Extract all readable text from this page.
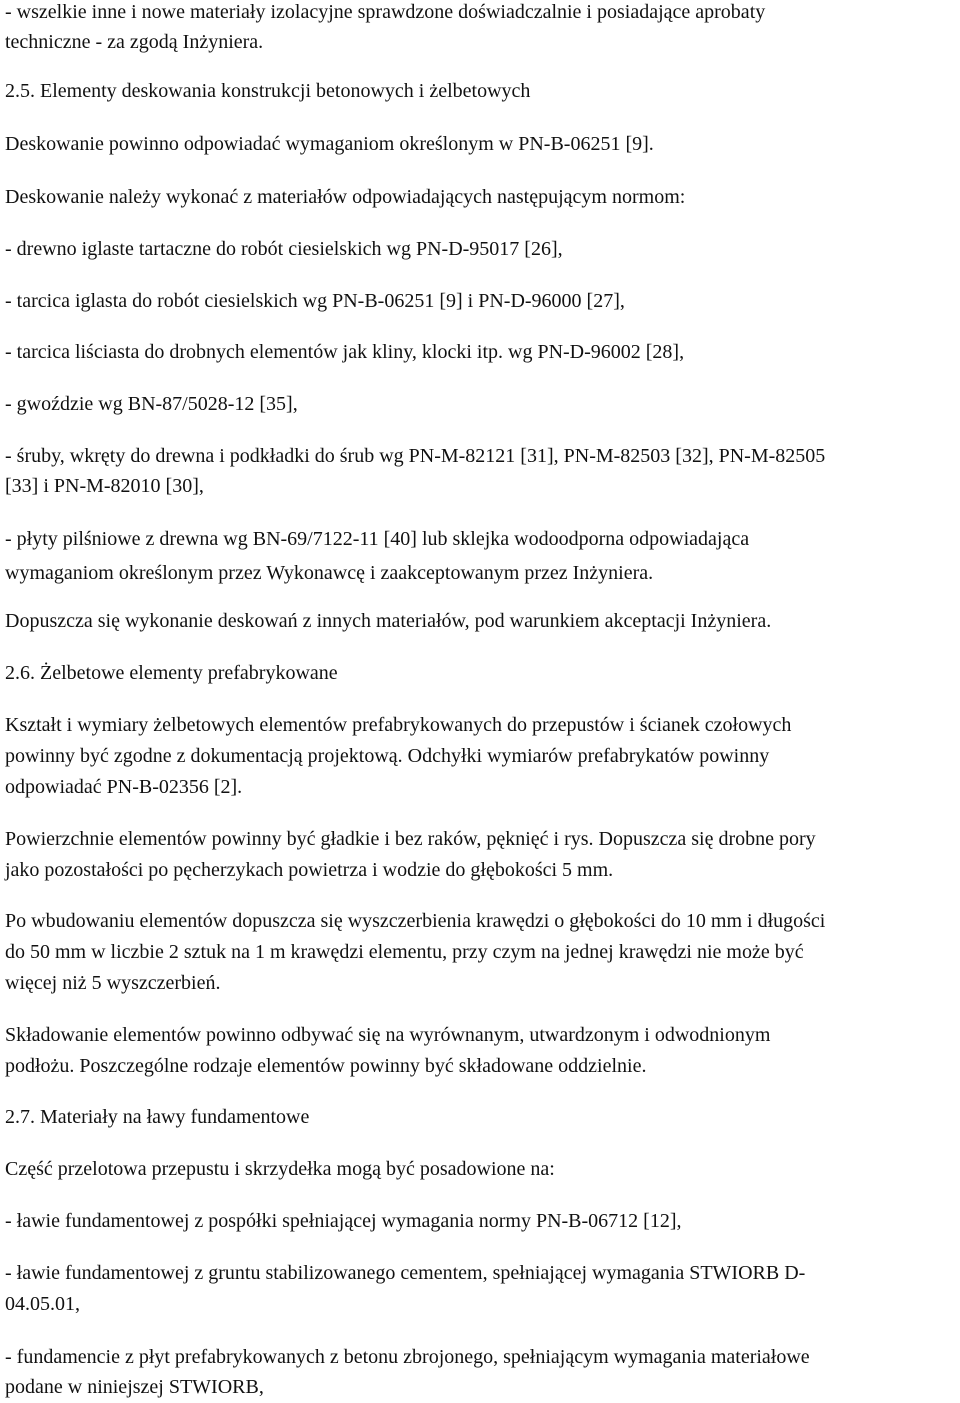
- wszelkie inne i nowe materiały izolacyjne sprawdzone doświadczalnie i posiadające aprobaty
techniczne - za zgodą Inżyniera.
2.5. Elementy deskowania konstrukcji betonowych i żelbetowych
Deskowanie powinno odpowiadać wymaganiom określonym w PN-B-06251 [9].
Deskowanie należy wykonać z materiałów odpowiadających następującym normom:
- drewno iglaste tartaczne do robót ciesielskich wg PN-D-95017 [26],
- tarcica iglasta do robót ciesielskich wg PN-B-06251 [9] i PN-D-96000 [27],
- tarcica liściasta do drobnych elementów jak kliny, klocki itp. wg PN-D-96002 [28],
- gwoździe wg BN-87/5028-12 [35],
- śruby, wkręty do drewna i podkładki do śrub wg PN-M-82121 [31], PN-M-82503 [32], PN-M-82505
[33] i PN-M-82010 [30],
- płyty pilśniowe z drewna wg BN-69/7122-11 [40] lub sklejka wodoodporna odpowiadająca
wymaganiom określonym przez Wykonawcę i zaakceptowanym przez Inżyniera.
Dopuszcza się wykonanie deskowań z innych materiałów, pod warunkiem akceptacji Inżyniera.
2.6. Żelbetowe elementy prefabrykowane
Kształt i wymiary żelbetowych elementów prefabrykowanych do przepustów i ścianek czołowych
powinny być zgodne z dokumentacją projektową. Odchyłki wymiarów prefabrykatów powinny
odpowiadać PN-B-02356 [2].
Powierzchnie elementów powinny być gładkie i bez raków, pęknięć i rys. Dopuszcza się drobne pory
jako pozostałości po pęcherzykach powietrza i wodzie do głębokości 5 mm.
Po wbudowaniu elementów dopuszcza się wyszczerbienia krawędzi o głębokości do 10 mm i długości
do 50 mm w liczbie 2 sztuk na 1 m krawędzi elementu, przy czym na jednej krawędzi nie może być
więcej niż 5 wyszczerbień.
Składowanie elementów powinno odbywać się na wyrównanym, utwardzonym i odwodnionym
podłożu. Poszczególne rodzaje elementów powinny być składowane oddzielnie.
2.7. Materiały na ławy fundamentowe
Część przelotowa przepustu i skrzydełka mogą być posadowione na:
- ławie fundamentowej z pospółki spełniającej wymagania normy PN-B-06712 [12],
- ławie fundamentowej z gruntu stabilizowanego cementem, spełniającej wymagania STWIORB D-
04.05.01,
- fundamencie z płyt prefabrykowanych z betonu zbrojonego, spełniającym wymagania materiałowe
podane w niniejszej STWIORB,
